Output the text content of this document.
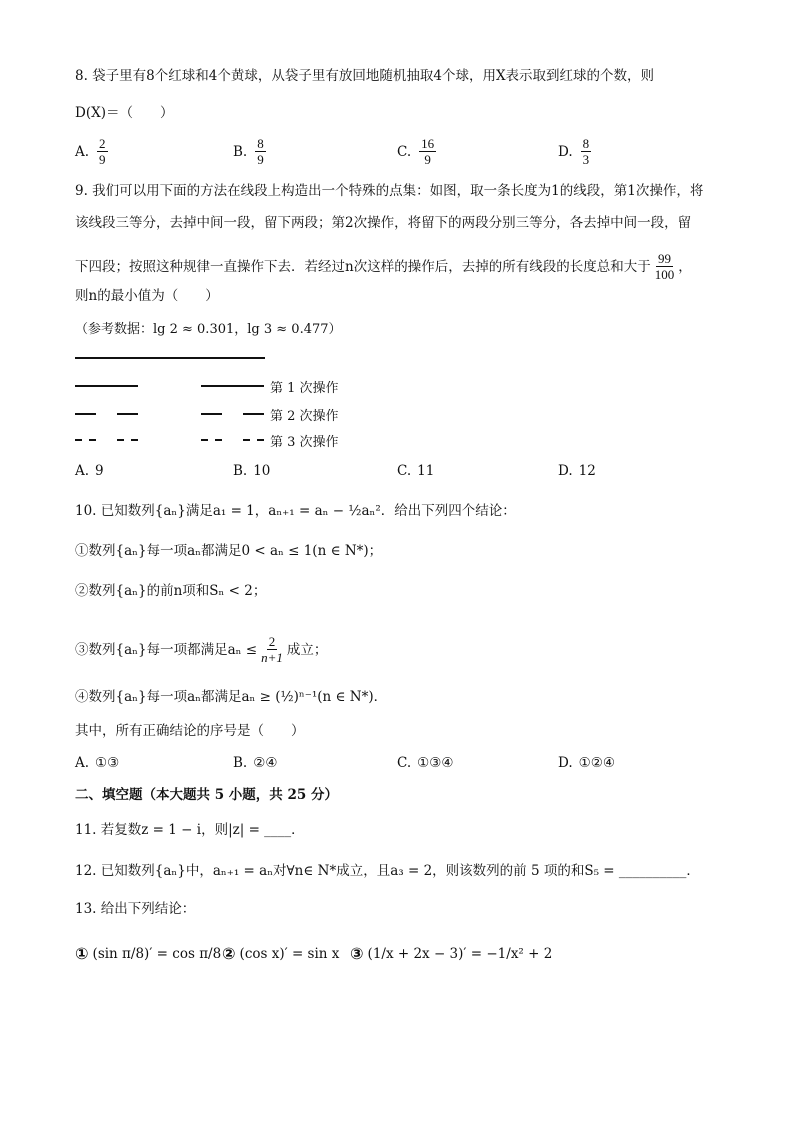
8. 袋子里有8个红球和4个黄球，从袋子里有放回地随机抽取4个球，用X表示取到红球的个数，则
D(X)＝（　　）
A. $\frac{2}{9}$	B. $\frac{8}{9}$	C. $\frac{16}{9}$	D. $\frac{8}{3}$
9. 我们可以用下面的方法在线段上构造出一个特殊的点集：如图，取一条长度为1的线段，第1次操作，将
该线段三等分，去掉中间一段，留下两段；第2次操作，将留下的两段分别三等分，各去掉中间一段，留
下四段；按照这种规律一直操作下去．若经过n次这样的操作后，去掉的所有线段的长度总和大于 $\frac{99}{100}$ ，
则n的最小值为（　　）
（参考数据：lg 2 ≈ 0.301，lg 3 ≈ 0.477）
第 1 次操作
第 2 次操作
第 3 次操作
A. 9	B. 10	C. 11	D. 12
10. 已知数列{aₙ}满足a₁ = 1，aₙ₊₁ = aₙ − ½aₙ²．给出下列四个结论：
①数列{aₙ}每一项aₙ都满足0 < aₙ ≤ 1(n ∈ N*)；
②数列{aₙ}的前n项和Sₙ < 2；
③数列{aₙ}每一项都满足$a_n \le \frac{2}{n+1}$ 成立；
④数列{aₙ}每一项aₙ都满足aₙ ≥ (½)ⁿ⁻¹(n ∈ N*)．
其中，所有正确结论的序号是（　　）
A. ①③	B. ②④	C. ①③④	D. ①②④
二、填空题（本大题共 5 小题，共 25 分）
11. 若复数z = 1 − i，则|z| = ____．
12. 已知数列{aₙ}中，aₙ₊₁ = aₙ对∀n∈ N*成立，且a₃ = 2，则该数列的前 5 项的和S₅ = __________．
13. 给出下列结论：
① (sin π/8)′ = cos π/8 ② (cos x)′ = sin x ③ (1/x + 2x − 3)′ = −1/x² + 2
